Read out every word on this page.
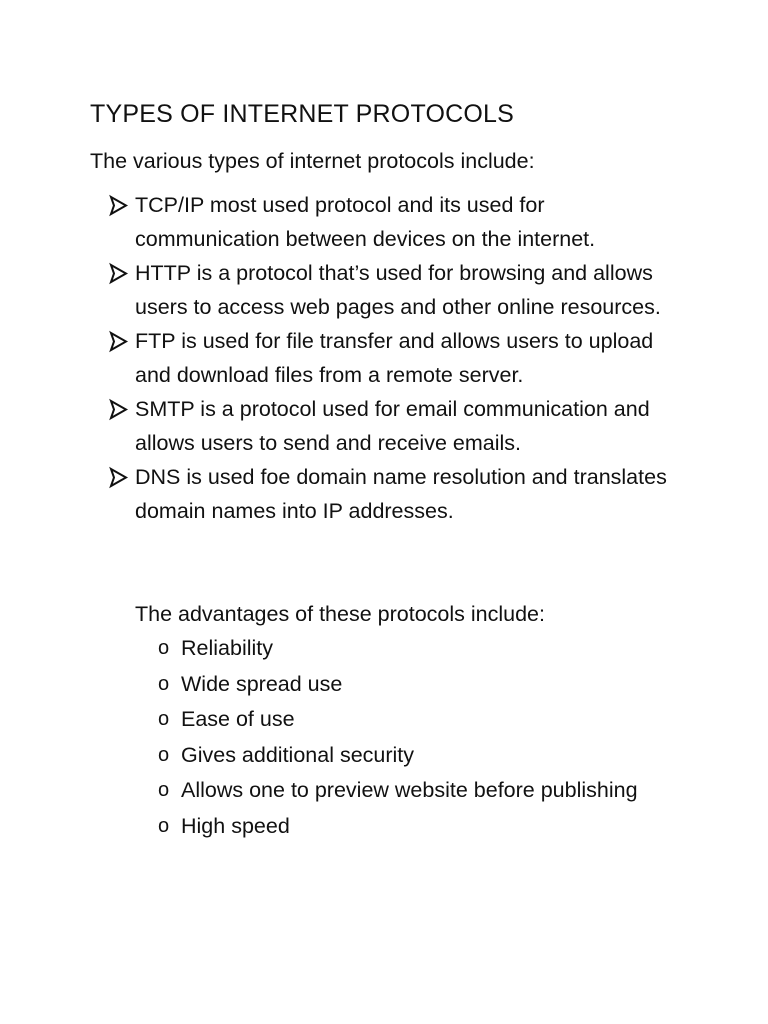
TYPES OF INTERNET PROTOCOLS
The various types of internet protocols include:
TCP/IP most used protocol and its used for communication between devices on the internet.
HTTP is a protocol that’s used for browsing and allows users to access web pages and other online resources.
FTP is used for file transfer and allows users to upload and download files from a remote server.
SMTP is a protocol used for email communication and allows users to send and receive emails.
DNS is used foe domain name resolution and translates domain names into IP addresses.
The advantages of these protocols include:
o Reliability
o Wide spread use
o Ease of use
o Gives additional security
o Allows one to preview website before publishing
o High speed
